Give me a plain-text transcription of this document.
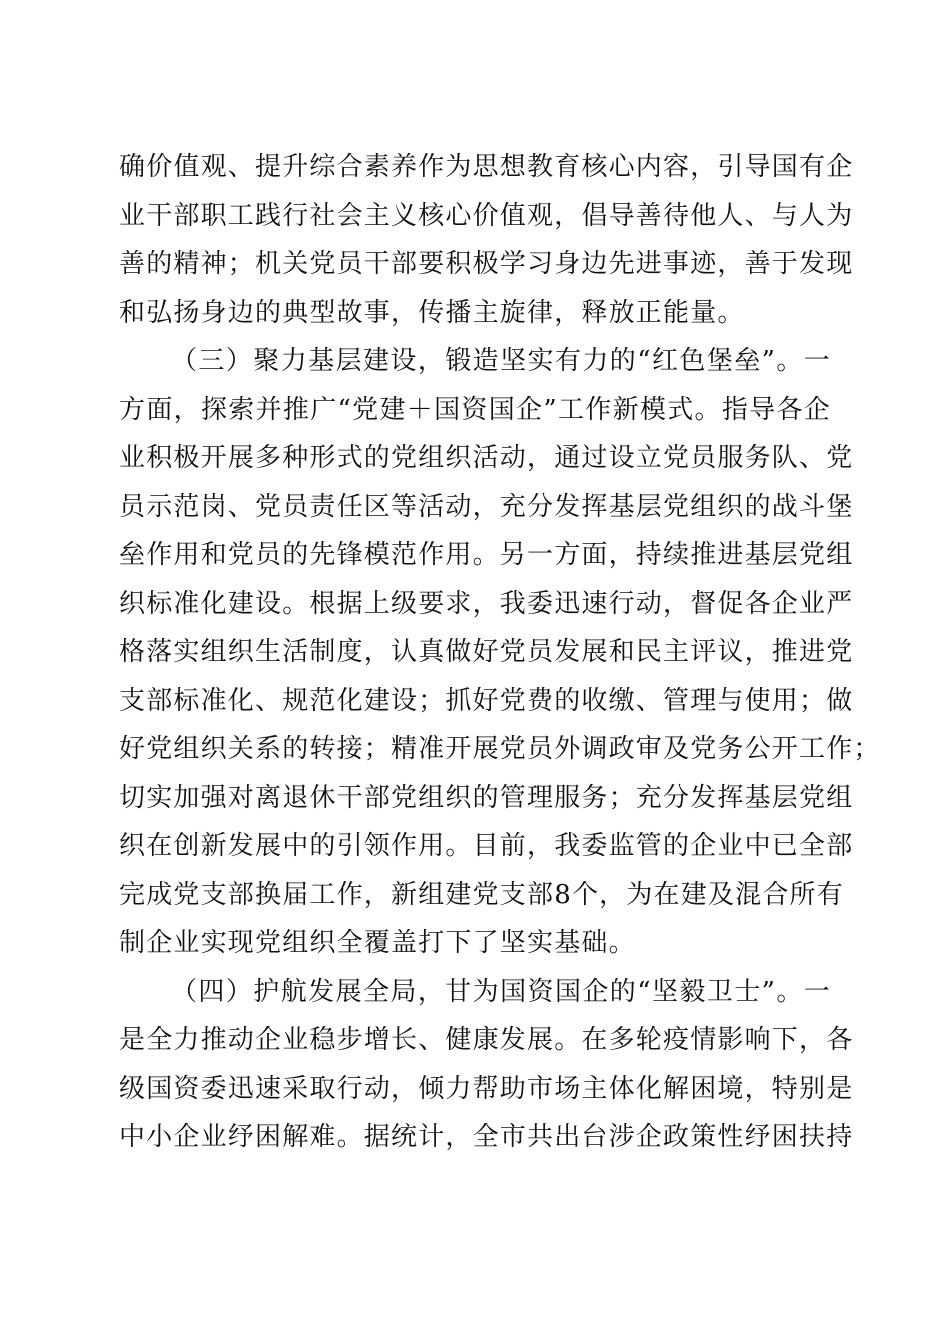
确价值观、提升综合素养作为思想教育核心内容，引导国有企
业干部职工践行社会主义核心价值观，倡导善待他人、与人为
善的精神；机关党员干部要积极学习身边先进事迹，善于发现
和弘扬身边的典型故事，传播主旋律，释放正能量。
（三）聚力基层建设，锻造坚实有力的“红色堡垒”。一
方面，探索并推广“党建＋国资国企”工作新模式。指导各企
业积极开展多种形式的党组织活动，通过设立党员服务队、党
员示范岗、党员责任区等活动，充分发挥基层党组织的战斗堡
垒作用和党员的先锋模范作用。另一方面，持续推进基层党组
织标准化建设。根据上级要求，我委迅速行动，督促各企业严
格落实组织生活制度，认真做好党员发展和民主评议，推进党
支部标准化、规范化建设；抓好党费的收缴、管理与使用；做
好党组织关系的转接；精准开展党员外调政审及党务公开工作；
切实加强对离退休干部党组织的管理服务；充分发挥基层党组
织在创新发展中的引领作用。目前，我委监管的企业中已全部
完成党支部换届工作，新组建党支部8个，为在建及混合所有
制企业实现党组织全覆盖打下了坚实基础。
（四）护航发展全局，甘为国资国企的“坚毅卫士”。一
是全力推动企业稳步增长、健康发展。在多轮疫情影响下，各
级国资委迅速采取行动，倾力帮助市场主体化解困境，特别是
中小企业纾困解难。据统计，全市共出台涉企政策性纾困扶持
